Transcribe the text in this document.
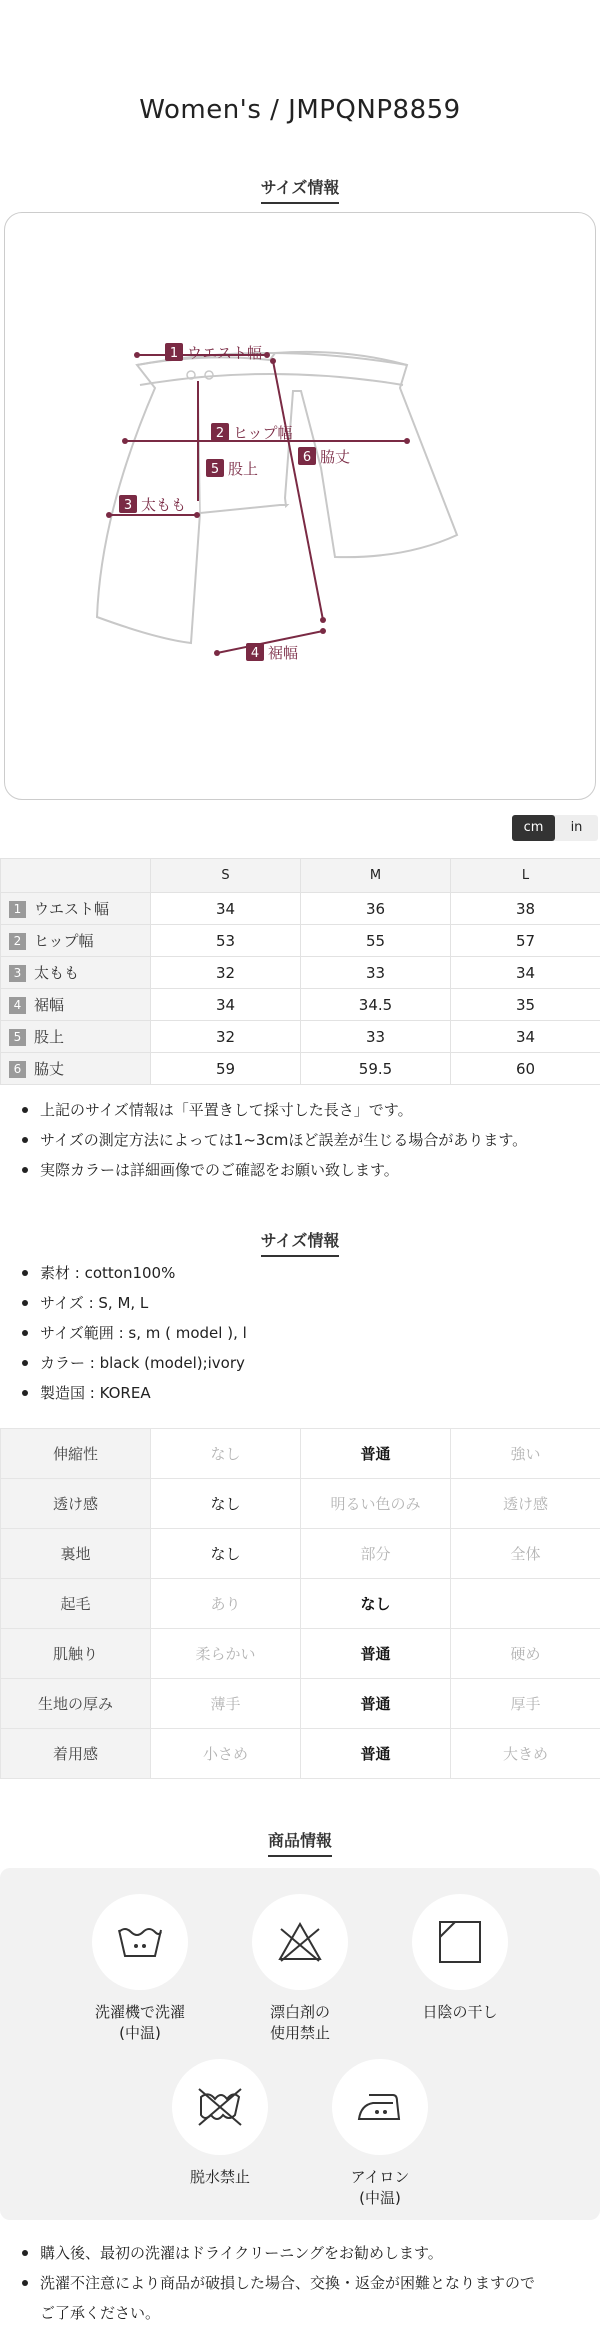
Women's / JMPQNP8859
サイズ情報
1 ウエスト幅
2 ヒップ幅
5 股上
3 太もも
6 脇丈
4 裾幅
cm	in
	S	M	L
1 ウエスト幅	34	36	38
2 ヒップ幅	53	55	57
3 太もも	32	33	34
4 裾幅	34	34.5	35
5 股上	32	33	34
6 脇丈	59	59.5	60
上記のサイズ情報は「平置きして採寸した長さ」です。
サイズの測定方法によっては1~3cmほど誤差が生じる場合があります。
実際カラーは詳細画像でのご確認をお願い致します。
サイズ情報
素材 : cotton100%
サイズ : S, M, L
サイズ範囲 : s, m ( model ), l
カラー : black (model);ivory
製造国 : KOREA
伸縮性	なし	普通	強い
透け感	なし	明るい色のみ	透け感
裏地	なし	部分	全体
起毛	あり	なし	
肌触り	柔らかい	普通	硬め
生地の厚み	薄手	普通	厚手
着用感	小さめ	普通	大きめ
商品情報
洗濯機で洗濯
(中温)
漂白剤の
使用禁止
日陰の干し
脱水禁止	アイロン
(中温)
購入後、最初の洗濯はドライクリーニングをお勧めします。
洗濯不注意により商品が破損した場合、交換・返金が困難となりますので
ご了承ください。
